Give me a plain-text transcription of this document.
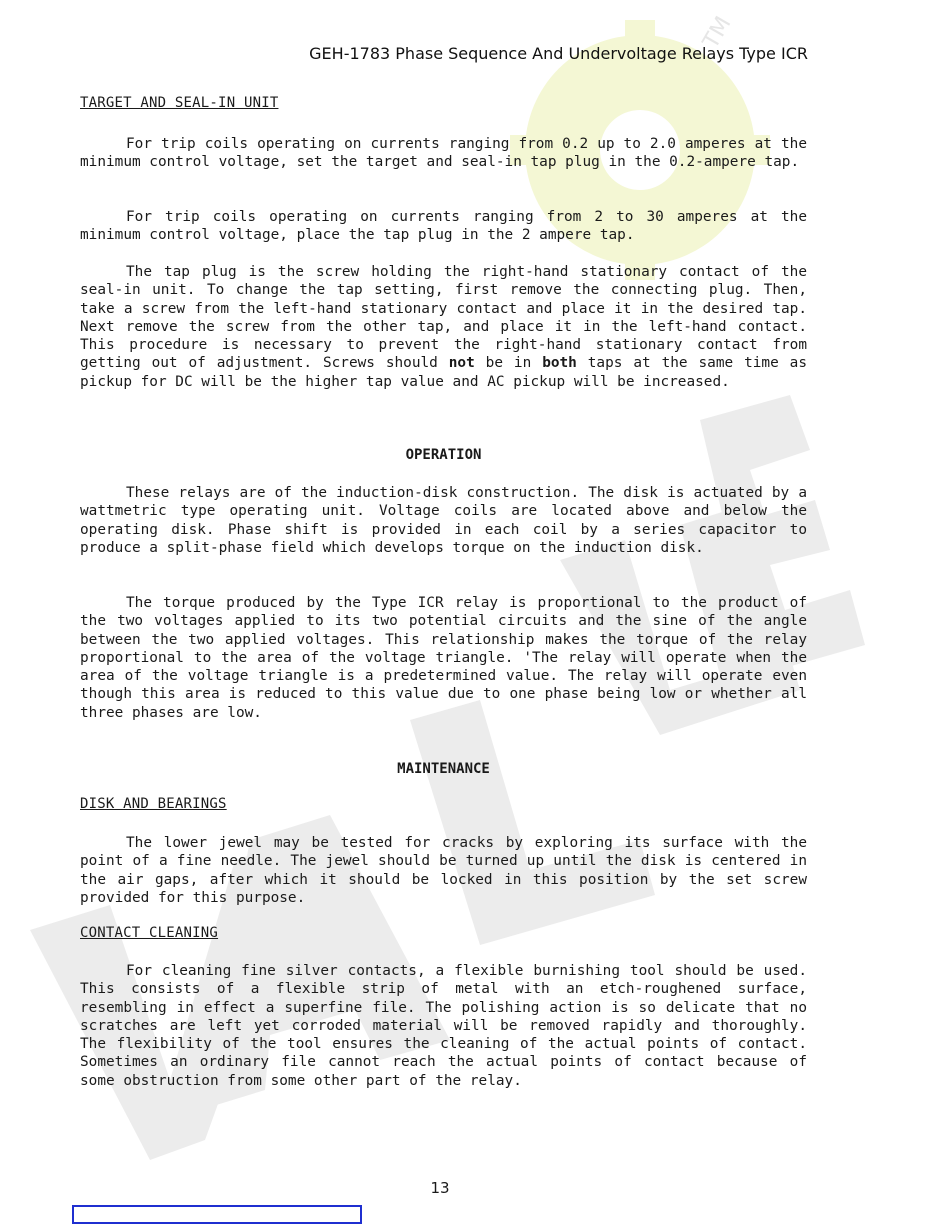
TM
GEH-1783 Phase Sequence And Undervoltage Relays Type ICR
TARGET AND SEAL-IN UNIT

For trip coils operating on currents ranging from 0.2 up to 2.0 amperes at the minimum control voltage, set the target and seal-in tap plug in the 0.2-ampere tap.

For trip coils operating on currents ranging from 2 to 30 amperes at the minimum control voltage, place the tap plug in the 2 ampere tap.

The tap plug is the screw holding the right-hand stationary contact of the seal-in unit. To change the tap setting, first remove the connecting plug. Then, take a screw from the left-hand stationary contact and place it in the desired tap. Next remove the screw from the other tap, and place it in the left-hand contact. This procedure is necessary to prevent the right-hand stationary contact from getting out of adjustment. Screws should not be in both taps at the same time as pickup for DC will be the higher tap value and AC pickup will be increased.

OPERATION

These relays are of the induction-disk construction. The disk is actuated by a wattmetric type operating unit. Voltage coils are located above and below the operating disk. Phase shift is provided in each coil by a series capacitor to produce a split-phase field which develops torque on the induction disk.

The torque produced by the Type ICR relay is proportional to the product of the two voltages applied to its two potential circuits and the sine of the angle between the two applied voltages. This relationship makes the torque of the relay proportional to the area of the voltage triangle. 'The relay will operate when the area of the voltage triangle is a predetermined value. The relay will operate even though this area is reduced to this value due to one phase being low or whether all three phases are low.

MAINTENANCE
DISK AND BEARINGS

The lower jewel may be tested for cracks by exploring its surface with the point of a fine needle. The jewel should be turned up until the disk is centered in the air gaps, after which it should be locked in this position by the set screw provided for this purpose.

CONTACT CLEANING

For cleaning fine silver contacts, a flexible burnishing tool should be used. This consists of a flexible strip of metal with an etch-roughened surface, resembling in effect a superfine file. The polishing action is so delicate that no scratches are left yet corroded material will be removed rapidly and thoroughly. The flexibility of the tool ensures the cleaning of the actual points of contact. Sometimes an ordinary file cannot reach the actual points of contact because of some obstruction from some other part of the relay.

13
